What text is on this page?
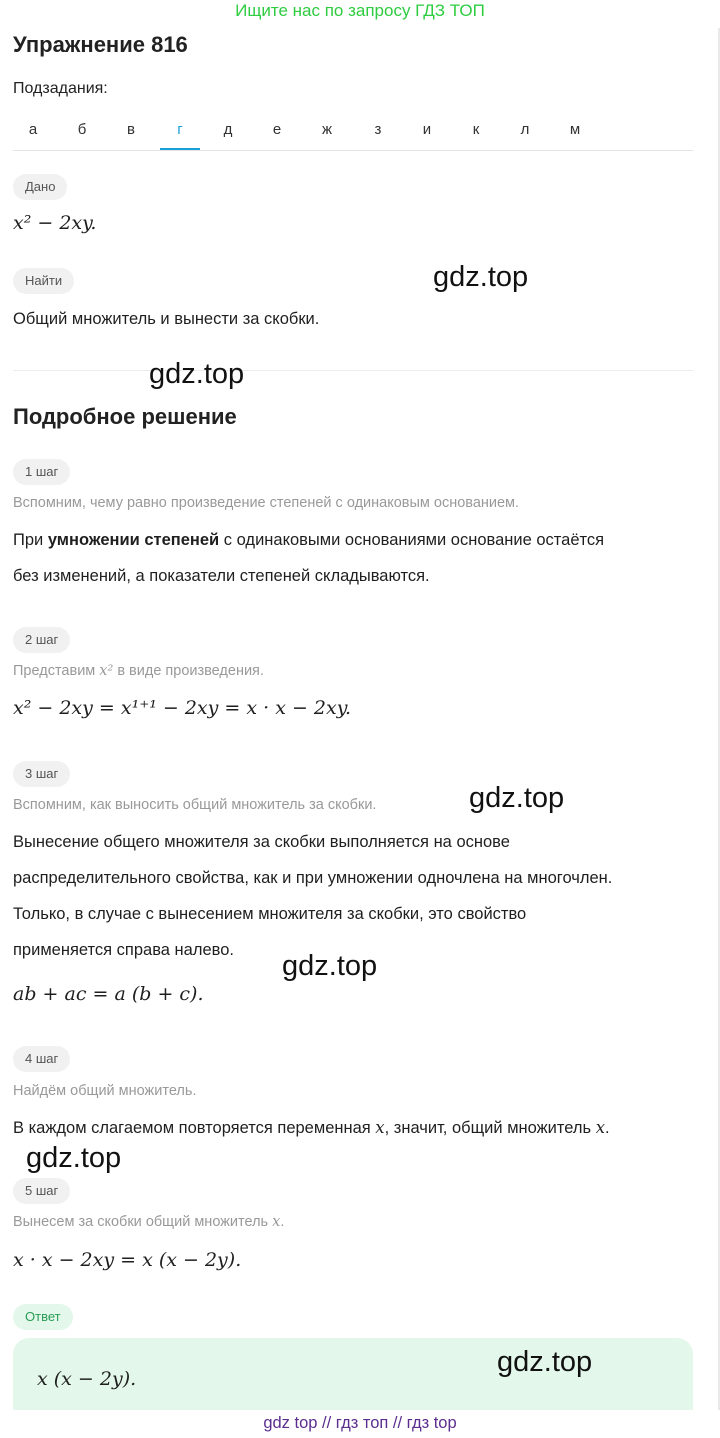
Ищите нас по запросу ГДЗ ТОП
Упражнение 816
Подзадания:
а	б	в	г	д	е	ж	з	и	к	л	м
Дано
x² − 2xy.
Найти
Общий множитель и вынести за скобки.
Подробное решение
1 шаг
Вспомним, чему равно произведение степеней с одинаковым основанием.
При умножении степеней с одинаковыми основаниями основание остаётся
без изменений, а показатели степеней складываются.
2 шаг
Представим x² в виде произведения.
x² − 2xy = x¹⁺¹ − 2xy = x · x − 2xy.
3 шаг
Вспомним, как выносить общий множитель за скобки.
Вынесение общего множителя за скобки выполняется на основе
распределительного свойства, как и при умножении одночлена на многочлен.
Только, в случае с вынесением множителя за скобки, это свойство
применяется справа налево.
ab + ac = a (b + c).
4 шаг
Найдём общий множитель.
В каждом слагаемом повторяется переменная x, значит, общий множитель x.
5 шаг
Вынесем за скобки общий множитель x.
x · x − 2xy = x (x − 2y).
Ответ
x (x − 2y).
gdz.top
gdz.top
gdz.top
gdz.top
gdz.top
gdz.top
gdz top // гдз топ // гдз top
